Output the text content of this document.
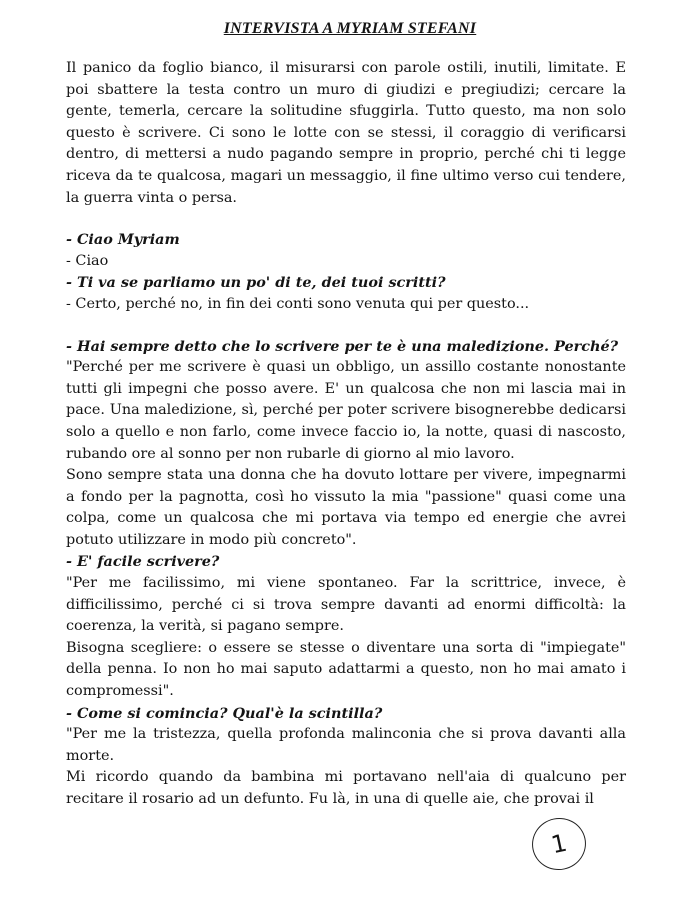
INTERVISTA A MYRIAM STEFANI

Il panico da foglio bianco, il misurarsi con parole ostili, inutili, limitate. E poi sbattere la testa contro un muro di giudizi e pregiudizi; cercare la gente, temerla, cercare la solitudine sfuggirla. Tutto questo, ma non solo questo è scrivere. Ci sono le lotte con se stessi, il coraggio di verificarsi dentro, di mettersi a nudo pagando sempre in proprio, perché chi ti legge riceva da te qualcosa, magari un messaggio, il fine ultimo verso cui tendere, la guerra vinta o persa.

- Ciao Myriam

- Ciao

- Ti va se parliamo un po' di te, dei tuoi scritti?

- Certo, perché no, in fin dei conti sono venuta qui per questo...

- Hai sempre detto che lo scrivere per te è una maledizione. Perché?

"Perché per me scrivere è quasi un obbligo, un assillo costante nonostante tutti gli impegni che posso avere. E' un qualcosa che non mi lascia mai in pace. Una maledizione, sì, perché per poter scrivere bisognerebbe dedicarsi solo a quello e non farlo, come invece faccio io, la notte, quasi di nascosto, rubando ore al sonno per non rubarle di giorno al mio lavoro.

Sono sempre stata una donna che ha dovuto lottare per vivere, impegnarmi a fondo per la pagnotta, così ho vissuto la mia "passione" quasi come una colpa, come un qualcosa che mi portava via tempo ed energie che avrei potuto utilizzare in modo più concreto".

- E' facile scrivere?

"Per me facilissimo, mi viene spontaneo. Far la scrittrice, invece, è difficilissimo, perché ci si trova sempre davanti ad enormi difficoltà: la coerenza, la verità, si pagano sempre.

Bisogna scegliere: o essere se stesse o diventare una sorta di "impiegate" della penna. Io non ho mai saputo adattarmi a questo, non ho mai amato i compromessi".

- Come si comincia? Qual'è la scintilla?

"Per me la tristezza, quella profonda malinconia che si prova davanti alla morte.

Mi ricordo quando da bambina mi portavano nell'aia di qualcuno per recitare il rosario ad un defunto. Fu là, in una di quelle aie, che provai il

1
